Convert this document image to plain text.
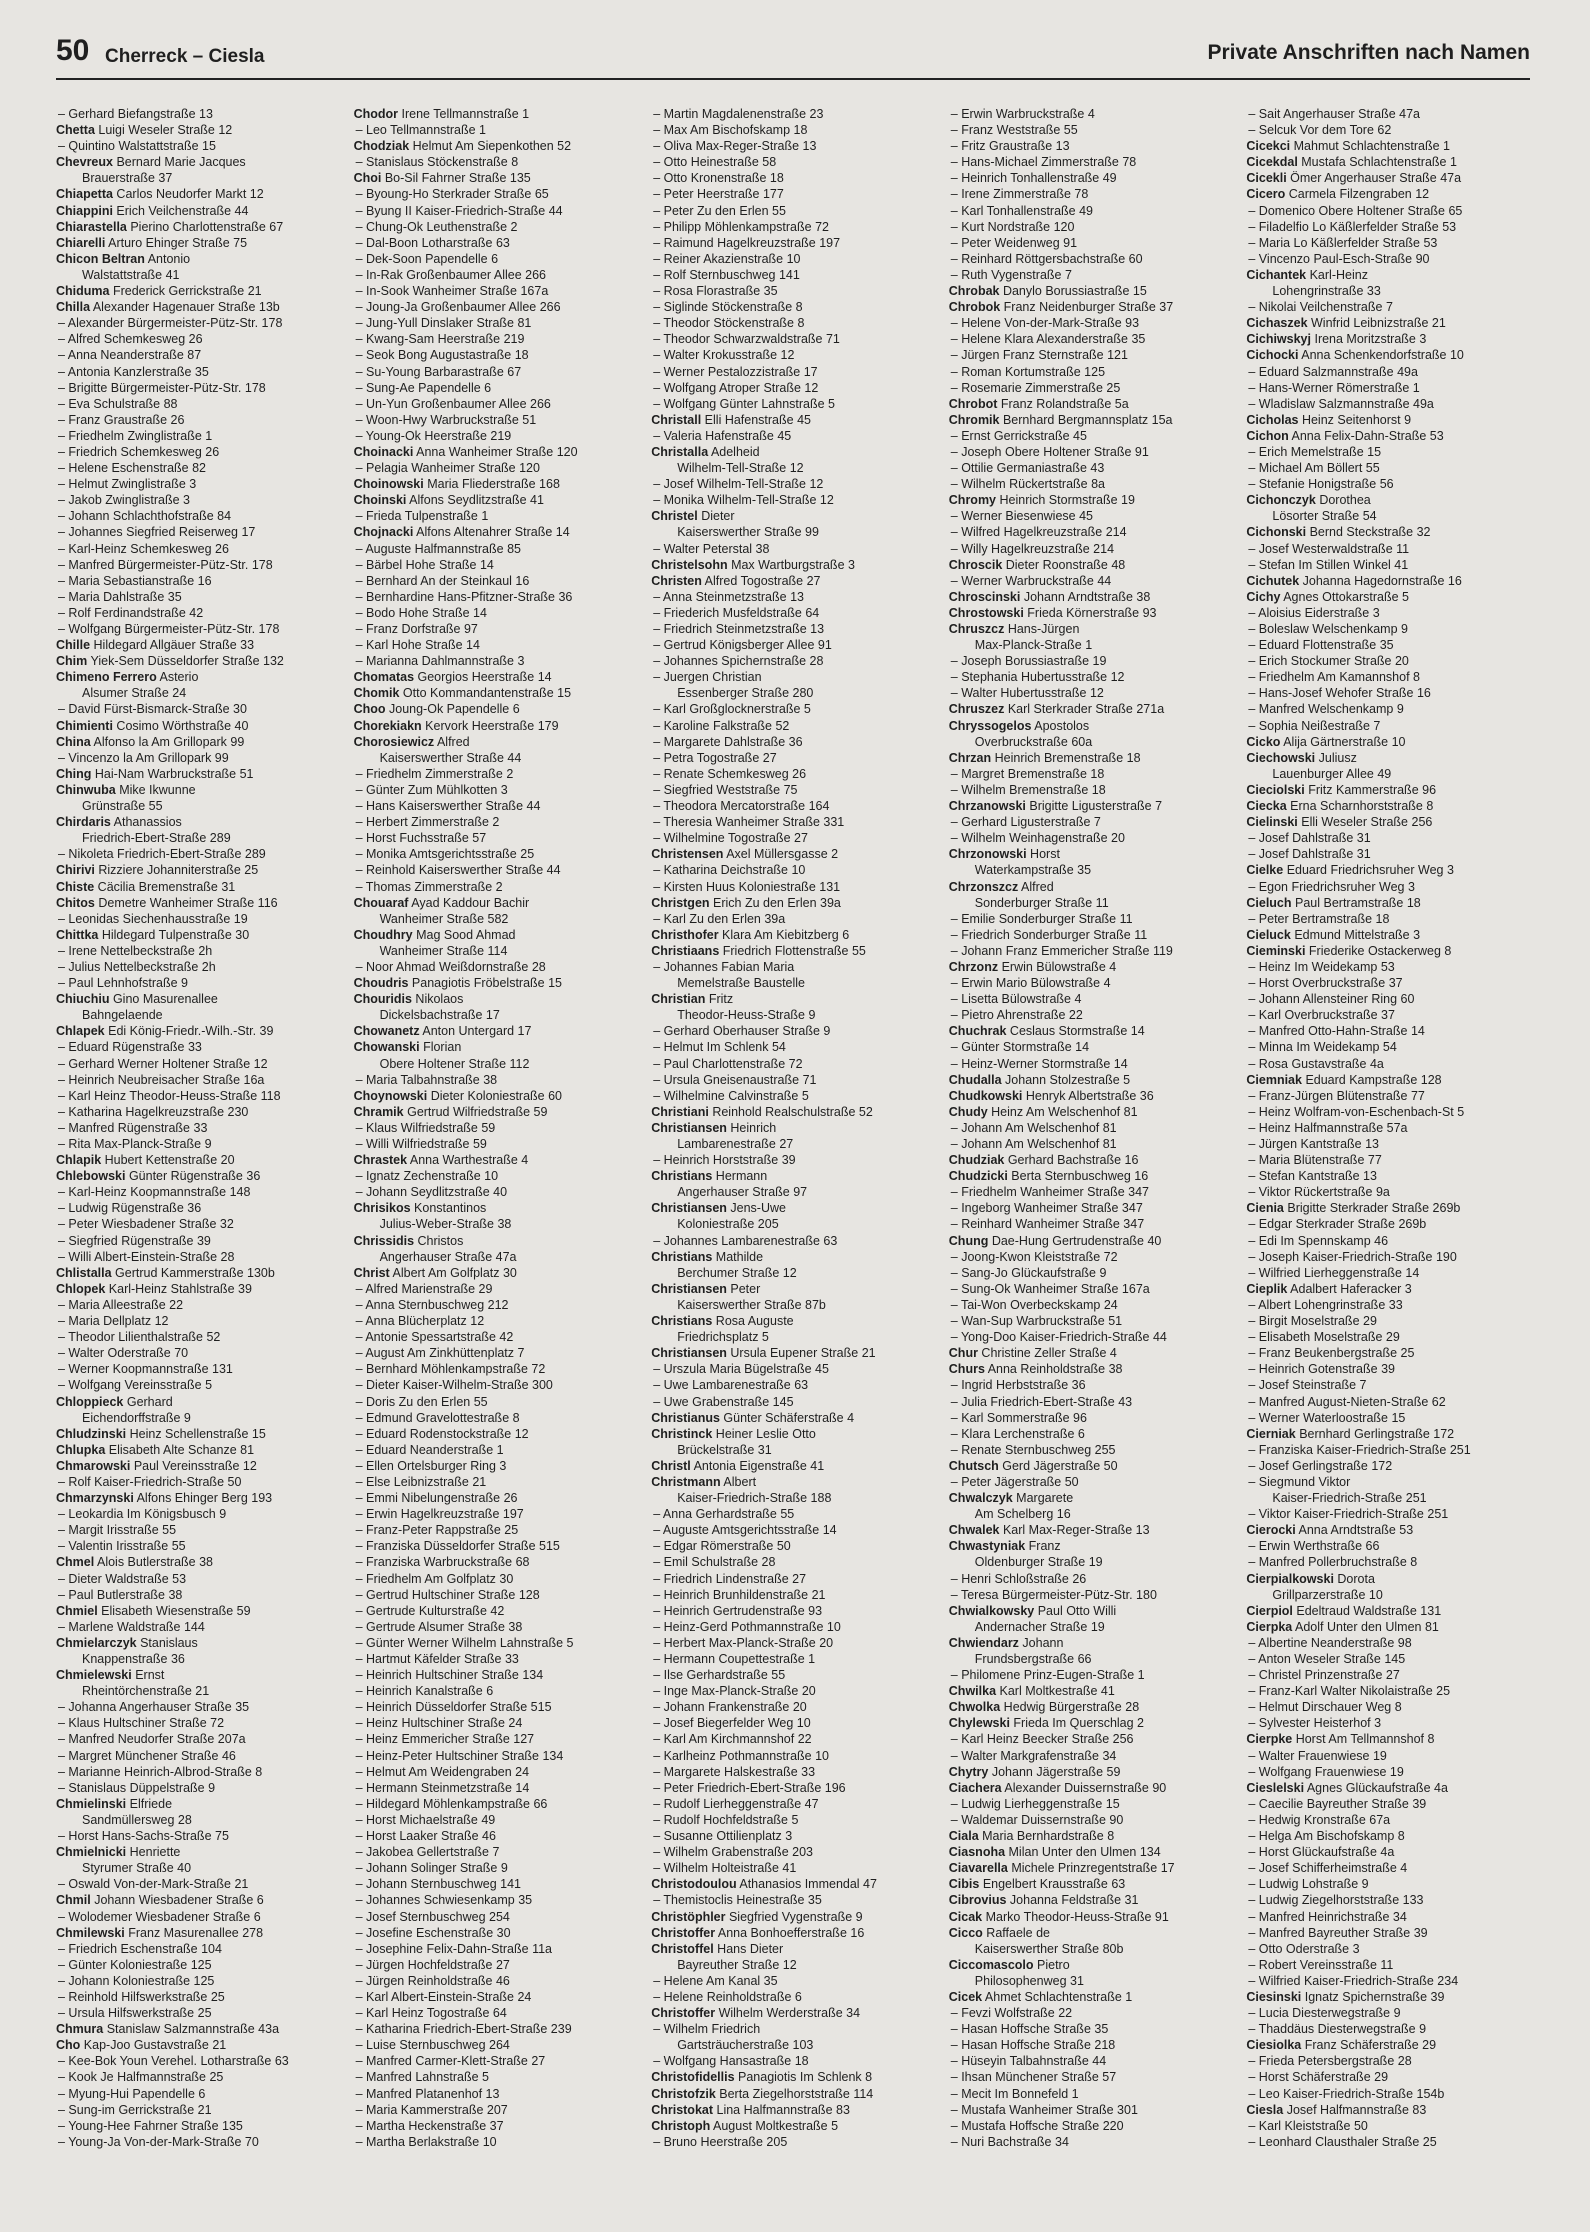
50 Cherreck – Ciesla	Private Anschriften nach Namen
– Gerhard Biefangstraße 13
Chetta Luigi Weseler Straße 12
– Quintino Walstattstraße 15
Chevreux Bernard Marie Jacques
Brauerstraße 37
Chiapetta Carlos Neudorfer Markt 12
Chiappini Erich Veilchenstraße 44
Chiarastella Pierino Charlottenstraße 67
Chiarelli Arturo Ehinger Straße 75
Chicon Beltran Antonio
Walstattstraße 41
Chiduma Frederick Gerrickstraße 21
Chilla Alexander Hagenauer Straße 13b
– Alexander Bürgermeister-Pütz-Str. 178
– Alfred Schemkesweg 26
– Anna Neanderstraße 87
– Antonia Kanzlerstraße 35
– Brigitte Bürgermeister-Pütz-Str. 178
– Eva Schulstraße 88
– Franz Graustraße 26
– Friedhelm Zwinglistraße 1
– Friedrich Schemkesweg 26
– Helene Eschenstraße 82
– Helmut Zwinglistraße 3
– Jakob Zwinglistraße 3
– Johann Schlachthofstraße 84
– Johannes Siegfried Reiserweg 17
– Karl-Heinz Schemkesweg 26
– Manfred Bürgermeister-Pütz-Str. 178
– Maria Sebastianstraße 16
– Maria Dahlstraße 35
– Rolf Ferdinandstraße 42
– Wolfgang Bürgermeister-Pütz-Str. 178
Chille Hildegard Allgäuer Straße 33
Chim Yiek-Sem Düsseldorfer Straße 132
Chimeno Ferrero Asterio
Alsumer Straße 24
– David Fürst-Bismarck-Straße 30
Chimienti Cosimo Wörthstraße 40
China Alfonso la Am Grillopark 99
– Vincenzo la Am Grillopark 99
Ching Hai-Nam Warbruckstraße 51
Chinwuba Mike Ikwunne
Grünstraße 55
Chirdaris Athanassios
Friedrich-Ebert-Straße 289
– Nikoleta Friedrich-Ebert-Straße 289
Chirivi Rizziere Johanniterstraße 25
Chiste Cäcilia Bremenstraße 31
Chitos Demetre Wanheimer Straße 116
– Leonidas Siechenhausstraße 19
Chittka Hildegard Tulpenstraße 30
– Irene Nettelbeckstraße 2h
– Julius Nettelbeckstraße 2h
– Paul Lehnhofstraße 9
Chiuchiu Gino Masurenallee
Bahngelaende
Chlapek Edi König-Friedr.-Wilh.-Str. 39
– Eduard Rügenstraße 33
– Gerhard Werner Holtener Straße 12
– Heinrich Neubreisacher Straße 16a
– Karl Heinz Theodor-Heuss-Straße 118
– Katharina Hagelkreuzstraße 230
– Manfred Rügenstraße 33
– Rita Max-Planck-Straße 9
Chlapik Hubert Kettenstraße 20
Chlebowski Günter Rügenstraße 36
– Karl-Heinz Koopmannstraße 148
– Ludwig Rügenstraße 36
– Peter Wiesbadener Straße 32
– Siegfried Rügenstraße 39
– Willi Albert-Einstein-Straße 28
Chlistalla Gertrud Kammerstraße 130b
Chlopek Karl-Heinz Stahlstraße 39
– Maria Alleestraße 22
– Maria Dellplatz 12
– Theodor Lilienthalstraße 52
– Walter Oderstraße 70
– Werner Koopmannstraße 131
– Wolfgang Vereinsstraße 5
Chloppieck Gerhard
Eichendorffstraße 9
Chludzinski Heinz Schellenstraße 15
Chlupka Elisabeth Alte Schanze 81
Chmarowski Paul Vereinsstraße 12
– Rolf Kaiser-Friedrich-Straße 50
Chmarzynski Alfons Ehinger Berg 193
– Leokardia Im Königsbusch 9
– Margit Irisstraße 55
– Valentin Irisstraße 55
Chmel Alois Butlerstraße 38
– Dieter Waldstraße 53
– Paul Butlerstraße 38
Chmiel Elisabeth Wiesenstraße 59
– Marlene Waldstraße 144
Chmielarczyk Stanislaus
Knappenstraße 36
Chmielewski Ernst
Rheintörchenstraße 21
– Johanna Angerhauser Straße 35
– Klaus Hultschiner Straße 72
– Manfred Neudorfer Straße 207a
– Margret Münchener Straße 46
– Marianne Heinrich-Albrod-Straße 8
– Stanislaus Düppelstraße 9
Chmielinski Elfriede
Sandmüllersweg 28
– Horst Hans-Sachs-Straße 75
Chmielnicki Henriette
Styrumer Straße 40
– Oswald Von-der-Mark-Straße 21
Chmil Johann Wiesbadener Straße 6
– Wolodemer Wiesbadener Straße 6
Chmilewski Franz Masurenallee 278
– Friedrich Eschenstraße 104
– Günter Koloniestraße 125
– Johann Koloniestraße 125
– Reinhold Hilfswerkstraße 25
– Ursula Hilfswerkstraße 25
Chmura Stanislaw Salzmannstraße 43a
Cho Kap-Joo Gustavstraße 21
– Kee-Bok Youn Verehel. Lotharstraße 63
– Kook Je Halfmannstraße 25
– Myung-Hui Papendelle 6
– Sung-im Gerrickstraße 21
– Young-Hee Fahrner Straße 135
– Young-Ja Von-der-Mark-Straße 70
Chodor Irene Tellmannstraße 1
– Leo Tellmannstraße 1
Chodziak Helmut Am Siepenkothen 52
– Stanislaus Stöckenstraße 8
Choi Bo-Sil Fahrner Straße 135
– Byoung-Ho Sterkrader Straße 65
– Byung II Kaiser-Friedrich-Straße 44
– Chung-Ok Leuthenstraße 2
– Dal-Boon Lotharstraße 63
– Dek-Soon Papendelle 6
– In-Rak Großenbaumer Allee 266
– In-Sook Wanheimer Straße 167a
– Joung-Ja Großenbaumer Allee 266
– Jung-Yull Dinslaker Straße 81
– Kwang-Sam Heerstraße 219
– Seok Bong Augustastraße 18
– Su-Young Barbarastraße 67
– Sung-Ae Papendelle 6
– Un-Yun Großenbaumer Allee 266
– Woon-Hwy Warbruckstraße 51
– Young-Ok Heerstraße 219
Choinacki Anna Wanheimer Straße 120
– Pelagia Wanheimer Straße 120
Choinowski Maria Fliederstraße 168
Choinski Alfons Seydlitzstraße 41
– Frieda Tulpenstraße 1
Chojnacki Alfons Altenahrer Straße 14
– Auguste Halfmannstraße 85
– Bärbel Hohe Straße 14
– Bernhard An der Steinkaul 16
– Bernhardine Hans-Pfitzner-Straße 36
– Bodo Hohe Straße 14
– Franz Dorfstraße 97
– Karl Hohe Straße 14
– Marianna Dahlmannstraße 3
Chomatas Georgios Heerstraße 14
Chomik Otto Kommandantenstraße 15
Choo Joung-Ok Papendelle 6
Chorekiakn Kervork Heerstraße 179
Chorosiewicz Alfred
Kaiserswerther Straße 44
– Friedhelm Zimmerstraße 2
– Günter Zum Mühlkotten 3
– Hans Kaiserswerther Straße 44
– Herbert Zimmerstraße 2
– Horst Fuchsstraße 57
– Monika Amtsgerichtsstraße 25
– Reinhold Kaiserswerther Straße 44
– Thomas Zimmerstraße 2
Chouaraf Ayad Kaddour Bachir
Wanheimer Straße 582
Choudhry Mag Sood Ahmad
Wanheimer Straße 114
– Noor Ahmad Weißdornstraße 28
Choudris Panagiotis Fröbelstraße 15
Chouridis Nikolaos
Dickelsbachstraße 17
Chowanetz Anton Untergard 17
Chowanski Florian
Obere Holtener Straße 112
– Maria Talbahnstraße 38
Choynowski Dieter Koloniestraße 60
Chramik Gertrud Wilfriedstraße 59
– Klaus Wilfriedstraße 59
– Willi Wilfriedstraße 59
Chrastek Anna Warthestraße 4
– Ignatz Zechenstraße 10
– Johann Seydlitzstraße 40
Chrisikos Konstantinos
Julius-Weber-Straße 38
Chrissidis Christos
Angerhauser Straße 47a
Christ Albert Am Golfplatz 30
– Alfred Marienstraße 29
– Anna Sternbuschweg 212
– Anna Blücherplatz 12
– Antonie Spessartstraße 42
– August Am Zinkhüttenplatz 7
– Bernhard Möhlenkampstraße 72
– Dieter Kaiser-Wilhelm-Straße 300
– Doris Zu den Erlen 55
– Edmund Gravelottestraße 8
– Eduard Rodenstockstraße 12
– Eduard Neanderstraße 1
– Ellen Ortelsburger Ring 3
– Else Leibnizstraße 21
– Emmi Nibelungenstraße 26
– Erwin Hagelkreuzstraße 197
– Franz-Peter Rappstraße 25
– Franziska Düsseldorfer Straße 515
– Franziska Warbruckstraße 68
– Friedhelm Am Golfplatz 30
– Gertrud Hultschiner Straße 128
– Gertrude Kulturstraße 42
– Gertrude Alsumer Straße 38
– Günter Werner Wilhelm Lahnstraße 5
– Hartmut Käfelder Straße 33
– Heinrich Hultschiner Straße 134
– Heinrich Kanalstraße 6
– Heinrich Düsseldorfer Straße 515
– Heinz Hultschiner Straße 24
– Heinz Emmericher Straße 127
– Heinz-Peter Hultschiner Straße 134
– Helmut Am Weidengraben 24
– Hermann Steinmetzstraße 14
– Hildegard Möhlenkampstraße 66
– Horst Michaelstraße 49
– Horst Laaker Straße 46
– Jakobea Gellertstraße 7
– Johann Solinger Straße 9
– Johann Sternbuschweg 141
– Johannes Schwiesenkamp 35
– Josef Sternbuschweg 254
– Josefine Eschenstraße 30
– Josephine Felix-Dahn-Straße 11a
– Jürgen Hochfeldstraße 27
– Jürgen Reinholdstraße 46
– Karl Albert-Einstein-Straße 24
– Karl Heinz Togostraße 64
– Katharina Friedrich-Ebert-Straße 239
– Luise Sternbuschweg 264
– Manfred Carmer-Klett-Straße 27
– Manfred Lahnstraße 5
– Manfred Platanenhof 13
– Maria Kammerstraße 207
– Martha Heckenstraße 37
– Martha Berlakstraße 10
– Martin Magdalenenstraße 23
– Max Am Bischofskamp 18
– Oliva Max-Reger-Straße 13
– Otto Heinestraße 58
– Otto Kronenstraße 18
– Peter Heerstraße 177
– Peter Zu den Erlen 55
– Philipp Möhlenkampstraße 72
– Raimund Hagelkreuzstraße 197
– Reiner Akazienstraße 10
– Rolf Sternbuschweg 141
– Rosa Florastraße 35
– Siglinde Stöckenstraße 8
– Theodor Stöckenstraße 8
– Theodor Schwarzwaldstraße 71
– Walter Krokusstraße 12
– Werner Pestalozzistraße 17
– Wolfgang Atroper Straße 12
– Wolfgang Günter Lahnstraße 5
Christall Elli Hafenstraße 45
– Valeria Hafenstraße 45
Christalla Adelheid
Wilhelm-Tell-Straße 12
– Josef Wilhelm-Tell-Straße 12
– Monika Wilhelm-Tell-Straße 12
Christel Dieter
Kaiserswerther Straße 99
– Walter Peterstal 38
Christelsohn Max Wartburgstraße 3
Christen Alfred Togostraße 27
– Anna Steinmetzstraße 13
– Friederich Musfeldstraße 64
– Friedrich Steinmetzstraße 13
– Gertrud Königsberger Allee 91
– Johannes Spichernstraße 28
– Juergen Christian
Essenberger Straße 280
– Karl Großglocknerstraße 5
– Karoline Falkstraße 52
– Margarete Dahlstraße 36
– Petra Togostraße 27
– Renate Schemkesweg 26
– Siegfried Weststraße 75
– Theodora Mercatorstraße 164
– Theresia Wanheimer Straße 331
– Wilhelmine Togostraße 27
Christensen Axel Müllersgasse 2
– Katharina Deichstraße 10
– Kirsten Huus Koloniestraße 131
Christgen Erich Zu den Erlen 39a
– Karl Zu den Erlen 39a
Christhofer Klara Am Kiebitzberg 6
Christiaans Friedrich Flottenstraße 55
– Johannes Fabian Maria
Memelstraße Baustelle
Christian Fritz
Theodor-Heuss-Straße 9
– Gerhard Oberhauser Straße 9
– Helmut Im Schlenk 54
– Paul Charlottenstraße 72
– Ursula Gneisenaustraße 71
– Wilhelmine Calvinstraße 5
Christiani Reinhold Realschulstraße 52
Christiansen Heinrich
Lambarenestraße 27
– Heinrich Horststraße 39
Christians Hermann
Angerhauser Straße 97
Christiansen Jens-Uwe
Koloniestraße 205
– Johannes Lambarenestraße 63
Christians Mathilde
Berchumer Straße 12
Christiansen Peter
Kaiserswerther Straße 87b
Christians Rosa Auguste
Friedrichsplatz 5
Christiansen Ursula Eupener Straße 21
– Urszula Maria Bügelstraße 45
– Uwe Lambarenestraße 63
– Uwe Grabenstraße 145
Christianus Günter Schäferstraße 4
Christinck Heiner Leslie Otto
Brückelstraße 31
Christl Antonia Eigenstraße 41
Christmann Albert
Kaiser-Friedrich-Straße 188
– Anna Gerhardstraße 55
– Auguste Amtsgerichtsstraße 14
– Edgar Römerstraße 50
– Emil Schulstraße 28
– Friedrich Lindenstraße 27
– Heinrich Brunhildenstraße 21
– Heinrich Gertrudenstraße 93
– Heinz-Gerd Pothmannstraße 10
– Herbert Max-Planck-Straße 20
– Hermann Coupettestraße 1
– Ilse Gerhardstraße 55
– Inge Max-Planck-Straße 20
– Johann Frankenstraße 20
– Josef Biegerfelder Weg 10
– Karl Am Kirchmannshof 22
– Karlheinz Pothmannstraße 10
– Margarete Halskestraße 33
– Peter Friedrich-Ebert-Straße 196
– Rudolf Lierheggenstraße 47
– Rudolf Hochfeldstraße 5
– Susanne Ottilienplatz 3
– Wilhelm Grabenstraße 203
– Wilhelm Holteistraße 41
Christodoulou Athanasios Immendal 47
– Themistoclis Heinestraße 35
Christöphler Siegfried Vygenstraße 9
Christoffer Anna Bonhoefferstraße 16
Christoffel Hans Dieter
Bayreuther Straße 12
– Helene Am Kanal 35
– Helene Reinholdstraße 6
Christoffer Wilhelm Werderstraße 34
– Wilhelm Friedrich
Gartsträucherstraße 103
– Wolfgang Hansastraße 18
Christofidellis Panagiotis Im Schlenk 8
Christofzik Berta Ziegelhorststraße 114
Christokat Lina Halfmannstraße 83
Christoph August Moltkestraße 5
– Bruno Heerstraße 205
– Erwin Warbruckstraße 4
– Franz Weststraße 55
– Fritz Graustraße 13
– Hans-Michael Zimmerstraße 78
– Heinrich Tonhallenstraße 49
– Irene Zimmerstraße 78
– Karl Tonhallenstraße 49
– Kurt Nordstraße 120
– Peter Weidenweg 91
– Reinhard Röttgersbachstraße 60
– Ruth Vygenstraße 7
Chrobak Danylo Borussiastraße 15
Chrobok Franz Neidenburger Straße 37
– Helene Von-der-Mark-Straße 93
– Helene Klara Alexanderstraße 35
– Jürgen Franz Sternstraße 121
– Roman Kortumstraße 125
– Rosemarie Zimmerstraße 25
Chrobot Franz Rolandstraße 5a
Chromik Bernhard Bergmannsplatz 15a
– Ernst Gerrickstraße 45
– Joseph Obere Holtener Straße 91
– Ottilie Germaniastraße 43
– Wilhelm Rückertstraße 8a
Chromy Heinrich Stormstraße 19
– Werner Biesenwiese 45
– Wilfred Hagelkreuzstraße 214
– Willy Hagelkreuzstraße 214
Chroscik Dieter Roonstraße 48
– Werner Warbruckstraße 44
Chroscinski Johann Arndtstraße 38
Chrostowski Frieda Körnerstraße 93
Chruszcz Hans-Jürgen
Max-Planck-Straße 1
– Joseph Borussiastraße 19
– Stephania Hubertusstraße 12
– Walter Hubertusstraße 12
Chruszez Karl Sterkrader Straße 271a
Chryssogelos Apostolos
Overbruckstraße 60a
Chrzan Heinrich Bremenstraße 18
– Margret Bremenstraße 18
– Wilhelm Bremenstraße 18
Chrzanowski Brigitte Ligusterstraße 7
– Gerhard Ligusterstraße 7
– Wilhelm Weinhagenstraße 20
Chrzonowski Horst
Waterkampstraße 35
Chrzonszcz Alfred
Sonderburger Straße 11
– Emilie Sonderburger Straße 11
– Friedrich Sonderburger Straße 11
– Johann Franz Emmericher Straße 119
Chrzonz Erwin Bülowstraße 4
– Erwin Mario Bülowstraße 4
– Lisetta Bülowstraße 4
– Pietro Ahrenstraße 22
Chuchrak Ceslaus Stormstraße 14
– Günter Stormstraße 14
– Heinz-Werner Stormstraße 14
Chudalla Johann Stolzestraße 5
Chudkowski Henryk Albertstraße 36
Chudy Heinz Am Welschenhof 81
– Johann Am Welschenhof 81
– Johann Am Welschenhof 81
Chudziak Gerhard Bachstraße 16
Chudzicki Berta Sternbuschweg 16
– Friedhelm Wanheimer Straße 347
– Ingeborg Wanheimer Straße 347
– Reinhard Wanheimer Straße 347
Chung Dae-Hung Gertrudenstraße 40
– Joong-Kwon Kleiststraße 72
– Sang-Jo Glückaufstraße 9
– Sung-Ok Wanheimer Straße 167a
– Tai-Won Overbeckskamp 24
– Wan-Sup Warbruckstraße 51
– Yong-Doo Kaiser-Friedrich-Straße 44
Chur Christine Zeller Straße 4
Churs Anna Reinholdstraße 38
– Ingrid Herbststraße 36
– Julia Friedrich-Ebert-Straße 43
– Karl Sommerstraße 96
– Klara Lerchenstraße 6
– Renate Sternbuschweg 255
Chutsch Gerd Jägerstraße 50
– Peter Jägerstraße 50
Chwalczyk Margarete
Am Schelberg 16
Chwalek Karl Max-Reger-Straße 13
Chwastyniak Franz
Oldenburger Straße 19
– Henri Schloßstraße 26
– Teresa Bürgermeister-Pütz-Str. 180
Chwialkowsky Paul Otto Willi
Andernacher Straße 19
Chwiendarz Johann
Frundsbergstraße 66
– Philomene Prinz-Eugen-Straße 1
Chwilka Karl Moltkestraße 41
Chwolka Hedwig Bürgerstraße 28
Chylewski Frieda Im Querschlag 2
– Karl Heinz Beecker Straße 256
– Walter Markgrafenstraße 34
Chytry Johann Jägerstraße 59
Ciachera Alexander Duissernstraße 90
– Ludwig Lierheggenstraße 15
– Waldemar Duissernstraße 90
Ciala Maria Bernhardstraße 8
Ciasnoha Milan Unter den Ulmen 134
Ciavarella Michele Prinzregentstraße 17
Cibis Engelbert Krausstraße 63
Cibrovius Johanna Feldstraße 31
Cicak Marko Theodor-Heuss-Straße 91
Cicco Raffaele de
Kaiserswerther Straße 80b
Ciccomascolo Pietro
Philosophenweg 31
Cicek Ahmet Schlachtenstraße 1
– Fevzi Wolfstraße 22
– Hasan Hoffsche Straße 35
– Hasan Hoffsche Straße 218
– Hüseyin Talbahnstraße 44
– Ihsan Münchener Straße 57
– Mecit Im Bonnefeld 1
– Mustafa Wanheimer Straße 301
– Mustafa Hoffsche Straße 220
– Nuri Bachstraße 34
– Sait Angerhauser Straße 47a
– Selcuk Vor dem Tore 62
Cicekci Mahmut Schlachtenstraße 1
Cicekdal Mustafa Schlachtenstraße 1
Cicekli Ömer Angerhauser Straße 47a
Cicero Carmela Filzengraben 12
– Domenico Obere Holtener Straße 65
– Filadelfio Lo Käßlerfelder Straße 53
– Maria Lo Käßlerfelder Straße 53
– Vincenzo Paul-Esch-Straße 90
Cichantek Karl-Heinz
Lohengrinstraße 33
– Nikolai Veilchenstraße 7
Cichaszek Winfrid Leibnizstraße 21
Cichiwskyj Irena Moritzstraße 3
Cichocki Anna Schenkendorfstraße 10
– Eduard Salzmannstraße 49a
– Hans-Werner Römerstraße 1
– Wladislaw Salzmannstraße 49a
Cicholas Heinz Seitenhorst 9
Cichon Anna Felix-Dahn-Straße 53
– Erich Memelstraße 15
– Michael Am Böllert 55
– Stefanie Honigstraße 56
Cichonczyk Dorothea
Lösorter Straße 54
Cichonski Bernd Steckstraße 32
– Josef Westerwaldstraße 11
– Stefan Im Stillen Winkel 41
Cichutek Johanna Hagedornstraße 16
Cichy Agnes Ottokarstraße 5
– Aloisius Eiderstraße 3
– Boleslaw Welschenkamp 9
– Eduard Flottenstraße 35
– Erich Stockumer Straße 20
– Friedhelm Am Kamannshof 8
– Hans-Josef Wehofer Straße 16
– Manfred Welschenkamp 9
– Sophia Neißestraße 7
Cicko Alija Gärtnerstraße 10
Ciechowski Juliusz
Lauenburger Allee 49
Cieciolski Fritz Kammerstraße 96
Ciecka Erna Scharnhorststraße 8
Cielinski Elli Weseler Straße 256
– Josef Dahlstraße 31
– Josef Dahlstraße 31
Cielke Eduard Friedrichsruher Weg 3
– Egon Friedrichsruher Weg 3
Cieluch Paul Bertramstraße 18
– Peter Bertramstraße 18
Cieluck Edmund Mittelstraße 3
Cieminski Friederike Ostackerweg 8
– Heinz Im Weidekamp 53
– Horst Overbruckstraße 37
– Johann Allensteiner Ring 60
– Karl Overbruckstraße 37
– Manfred Otto-Hahn-Straße 14
– Minna Im Weidekamp 54
– Rosa Gustavstraße 4a
Ciemniak Eduard Kampstraße 128
– Franz-Jürgen Blütenstraße 77
– Heinz Wolfram-von-Eschenbach-St 5
– Heinz Halfmannstraße 57a
– Jürgen Kantstraße 13
– Maria Blütenstraße 77
– Stefan Kantstraße 13
– Viktor Rückertstraße 9a
Cienia Brigitte Sterkrader Straße 269b
– Edgar Sterkrader Straße 269b
– Edi Im Spennskamp 46
– Joseph Kaiser-Friedrich-Straße 190
– Wilfried Lierheggenstraße 14
Cieplik Adalbert Haferacker 3
– Albert Lohengrinstraße 33
– Birgit Moselstraße 29
– Elisabeth Moselstraße 29
– Franz Beukenbergstraße 25
– Heinrich Gotenstraße 39
– Josef Steinstraße 7
– Manfred August-Nieten-Straße 62
– Werner Waterloostraße 15
Cierniak Bernhard Gerlingstraße 172
– Franziska Kaiser-Friedrich-Straße 251
– Josef Gerlingstraße 172
– Siegmund Viktor
Kaiser-Friedrich-Straße 251
– Viktor Kaiser-Friedrich-Straße 251
Cierocki Anna Arndtstraße 53
– Erwin Werthstraße 66
– Manfred Pollerbruchstraße 8
Cierpialkowski Dorota
Grillparzerstraße 10
Cierpiol Edeltraud Waldstraße 131
Cierpka Adolf Unter den Ulmen 81
– Albertine Neanderstraße 98
– Anton Weseler Straße 145
– Christel Prinzenstraße 27
– Franz-Karl Walter Nikolaistraße 25
– Helmut Dirschauer Weg 8
– Sylvester Heisterhof 3
Cierpke Horst Am Tellmannshof 8
– Walter Frauenwiese 19
– Wolfgang Frauenwiese 19
Cieslelski Agnes Glückaufstraße 4a
– Caecilie Bayreuther Straße 39
– Hedwig Kronstraße 67a
– Helga Am Bischofskamp 8
– Horst Glückaufstraße 4a
– Josef Schifferheimstraße 4
– Ludwig Lohstraße 9
– Ludwig Ziegelhorststraße 133
– Manfred Heinrichstraße 34
– Manfred Bayreuther Straße 39
– Otto Oderstraße 3
– Robert Vereinsstraße 11
– Wilfried Kaiser-Friedrich-Straße 234
Ciesinski Ignatz Spichernstraße 39
– Lucia Diesterwegstraße 9
– Thaddäus Diesterwegstraße 9
Ciesiolka Franz Schäferstraße 29
– Frieda Petersbergstraße 28
– Horst Schäferstraße 29
– Leo Kaiser-Friedrich-Straße 154b
Ciesla Josef Halfmannstraße 83
– Karl Kleiststraße 50
– Leonhard Clausthaler Straße 25
